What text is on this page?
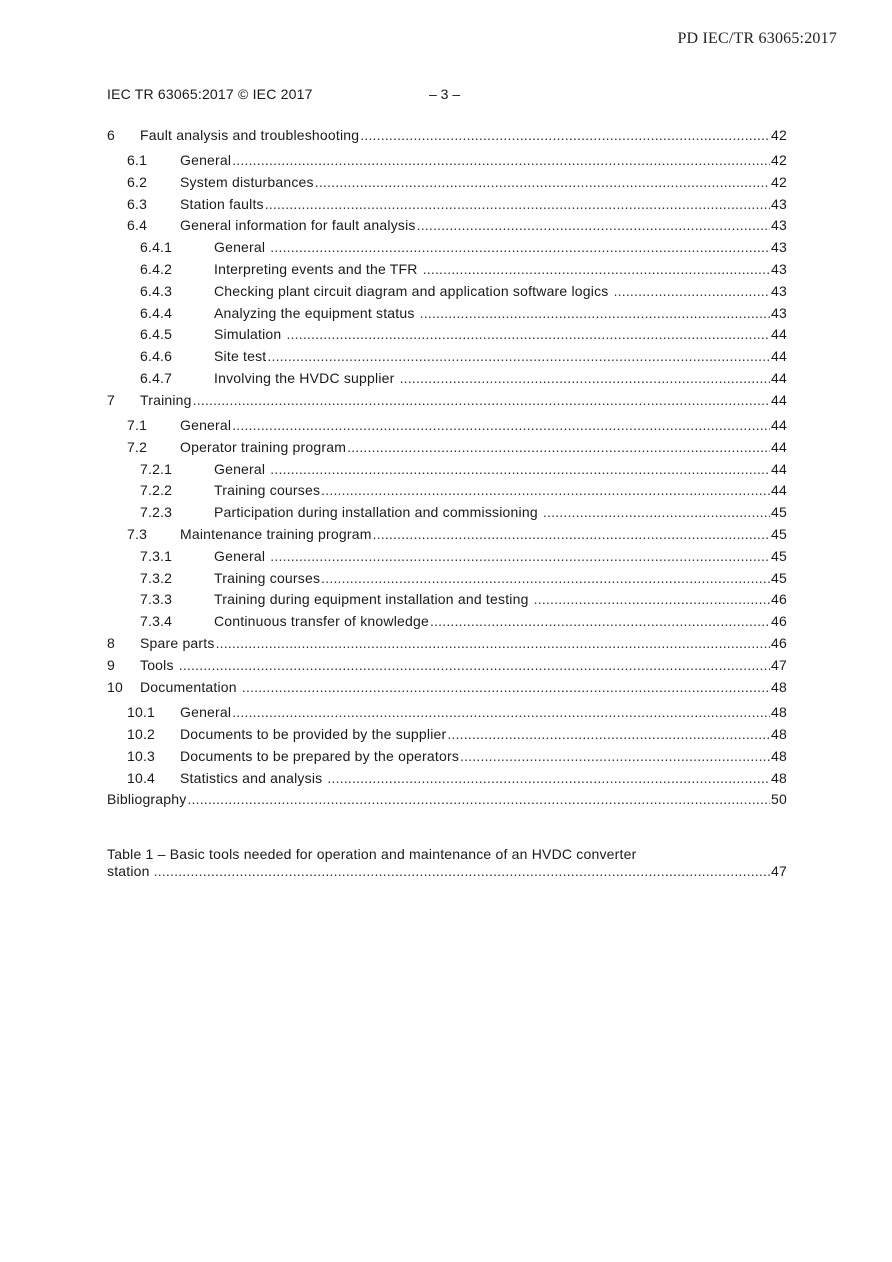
PD IEC/TR 63065:2017
IEC TR 63065:2017 © IEC 2017	– 3 –
6	Fault analysis and troubleshooting .....	42
6.1	General .....	42
6.2	System disturbances .....	42
6.3	Station faults .....	43
6.4	General information for fault analysis .....	43
6.4.1	General .....	43
6.4.2	Interpreting events and the TFR .....	43
6.4.3	Checking plant circuit diagram and application software logics .....	43
6.4.4	Analyzing the equipment status .....	43
6.4.5	Simulation .....	44
6.4.6	Site test .....	44
6.4.7	Involving the HVDC supplier .....	44
7	Training .....	44
7.1	General .....	44
7.2	Operator training program .....	44
7.2.1	General .....	44
7.2.2	Training courses .....	44
7.2.3	Participation during installation and commissioning .....	45
7.3	Maintenance training program .....	45
7.3.1	General .....	45
7.3.2	Training courses .....	45
7.3.3	Training during equipment installation and testing .....	46
7.3.4	Continuous transfer of knowledge .....	46
8	Spare parts .....	46
9	Tools .....	47
10	Documentation .....	48
10.1	General .....	48
10.2	Documents to be provided by the supplier .....	48
10.3	Documents to be prepared by the operators .....	48
10.4	Statistics and analysis .....	48
Bibliography .....	50
Table 1 – Basic tools needed for operation and maintenance of an HVDC converter
station .....	47
